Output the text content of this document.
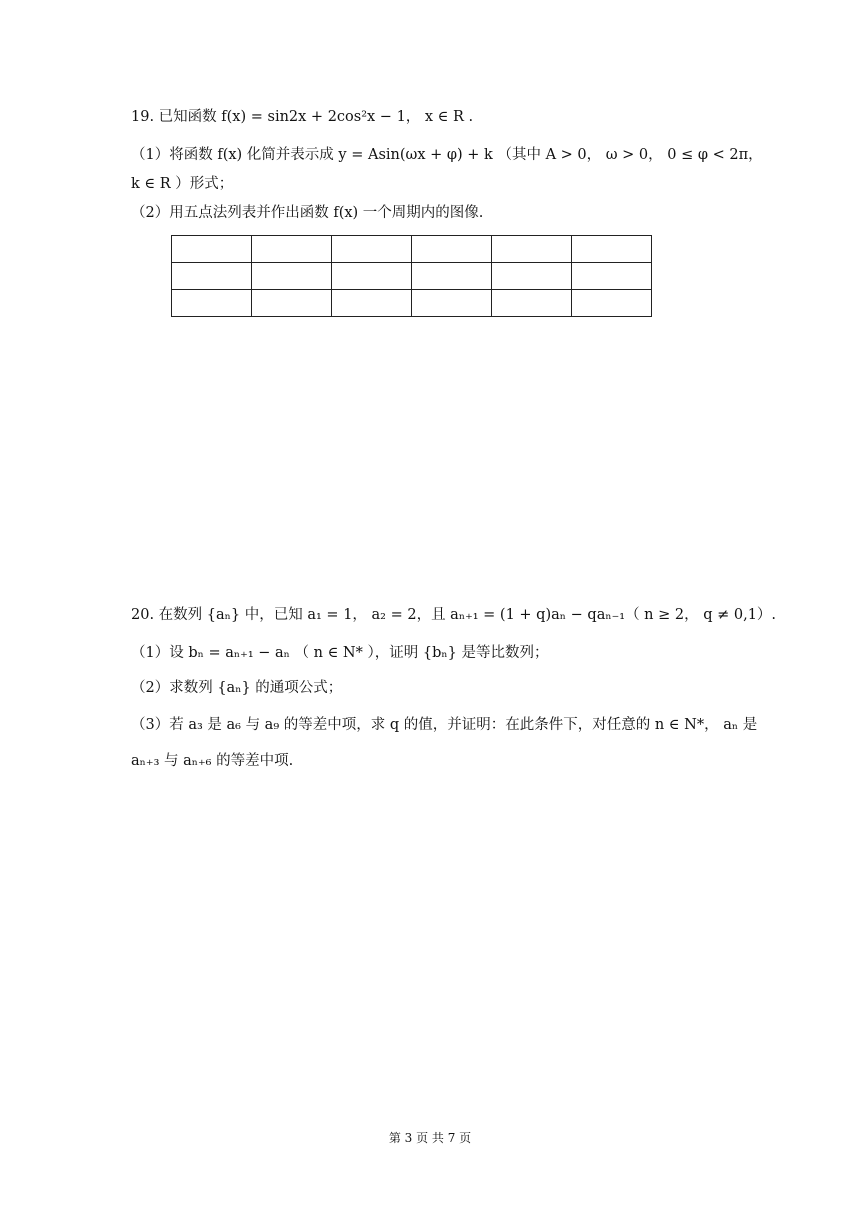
19. 已知函数 f(x) = sin2x + 2cos²x − 1， x ∈ R .
（1）将函数 f(x) 化简并表示成 y = Asin(ωx + φ) + k （其中 A > 0， ω > 0， 0 ≤ φ < 2π，
k ∈ R ）形式；
（2）用五点法列表并作出函数 f(x) 一个周期内的图像.

20. 在数列 {aₙ} 中，已知 a₁ = 1， a₂ = 2，且 aₙ₊₁ = (1 + q)aₙ − qaₙ₋₁（ n ≥ 2， q ≠ 0,1）.
（1）设 bₙ = aₙ₊₁ − aₙ （ n ∈ N* ），证明 {bₙ} 是等比数列；
（2）求数列 {aₙ} 的通项公式；
（3）若 a₃ 是 a₆ 与 a₉ 的等差中项，求 q 的值，并证明：在此条件下，对任意的 n ∈ N*， aₙ 是
aₙ₊₃ 与 aₙ₊₆ 的等差中项.
第 3 页 共 7 页
